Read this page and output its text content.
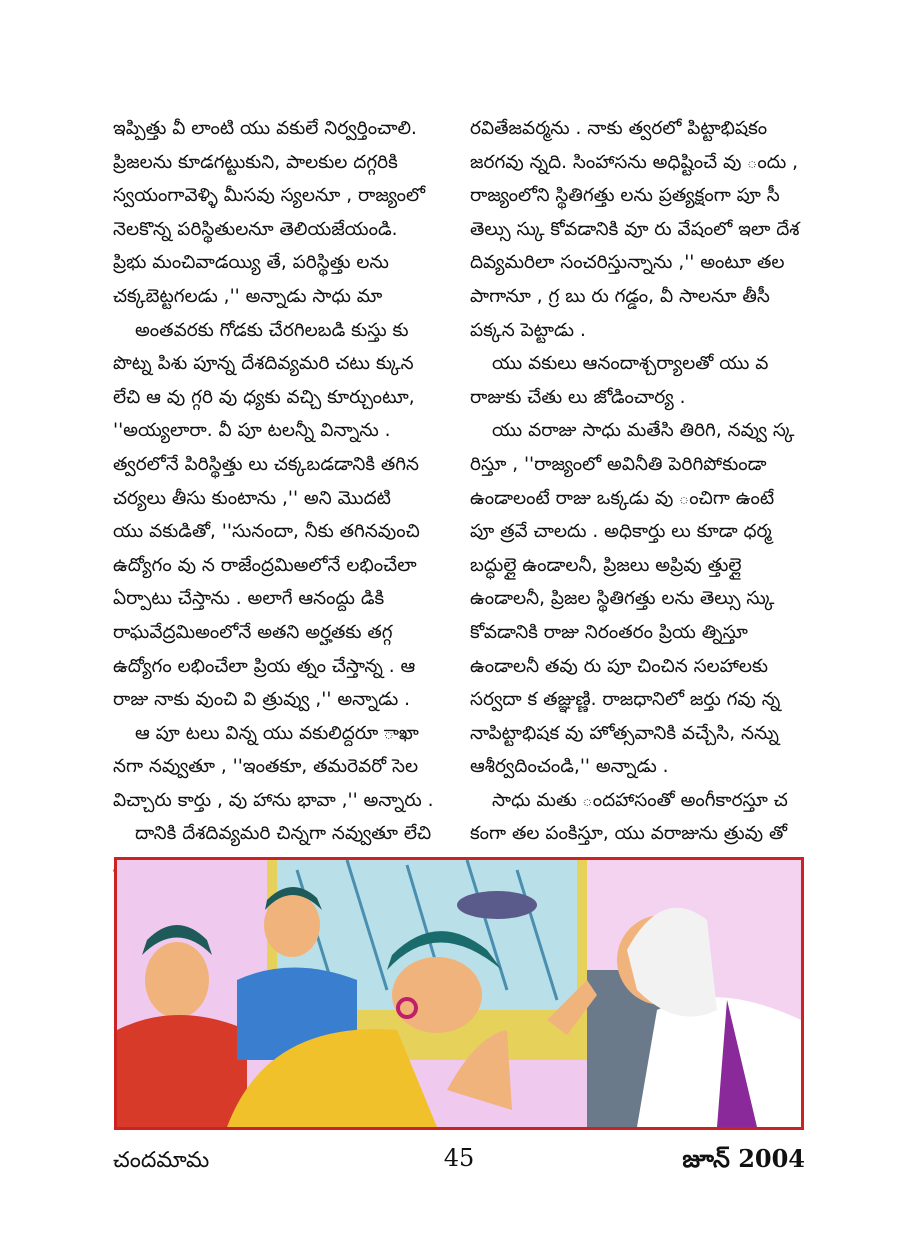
ఇప్పిత్తు వీ లాంటి యు వకులే నిర్వర్తించాలి.
ప్రిజలను కూడగట్టుకుని, పాలకుల దగ్గరికి
స్వయంగావెళ్ళి మీసవు స్యలనూ , రాజ్యంలో
నెలకొన్న పరిస్థితులనూ తెలియజేయండి.
ప్రిభు మంచివాడయ్యి తే, పరిస్థిత్తు లను
చక్కబెట్టగలడు ,'' అన్నాడు సాధు మా
అంతవరకు గోడకు చేరగిలబడి కుస్తు కు
పొట్న పిశు పూన్న దేశదివ్యమరి చటు క్కున
లేచి ఆ వు గ్గరి వు ధ్యకు వచ్చి కూర్చుంటూ,
''అయ్యలారా. వీ పూ టలన్నీ విన్నాను .
త్వరలోనే పిరిస్థిత్తు లు చక్కబడడానికి తగిన
చర్యలు తీసు కుంటాను ,'' అని మొదటి
యు వకుడితో, ''సునందా, నీకు తగినవుంచి
ఉద్యోగం వు న రాజేంద్రమిఅలోనే లభించేలా
ఏర్పాటు చేస్తాను . అలాగే ఆనంద్దు డికి
రాఘవేద్రమిఅంలోనే అతని అర్హతకు తగ్గ
ఉద్యోగం లభించేలా ప్రియ త్నం చేస్తాన్న . ఆ
రాజు నాకు వుంచి వి త్రువ్వు ,'' అన్నాడు .
ఆ పూ టలు విన్న యు వకులిద్దరూ ాఖా
నగా నవ్వుతూ , ''ఇంతకూ, తమరెవరో సెల
విచ్చారు కార్తు , వు హాను భావా ,'' అన్నారు .
దానికి దేశదివ్యమరి చిన్నగా నవ్వుతూ లేచి
రవితేజవర్మను . నాకు త్వరలో పిట్టాభిషకం
జరగవు న్నది. సింహాసను అధిష్టించే వు ందు ,
రాజ్యంలోని స్థితిగత్తు లను ప్రత్యక్షంగా పూ సీ
తెల్సు స్కు కోవడానికి వూ రు వేషంలో ఇలా దేశ
దివ్యమరిలా సంచరిస్తున్నాను ,'' అంటూ తల
పాగానూ , గ్ర బు రు గడ్డం, వీ సాలనూ తీసీ
పక్కన పెట్టాడు .
యు వకులు ఆనందాశ్చర్యాలతో యు వ
రాజుకు చేతు లు జోడించార్య .
యు వరాజు సాధు మతేసి తిరిగి, నవ్వు స్క
రిస్తూ , ''రాజ్యంలో అవినీతి పెరిగిపోకుండా
ఉండాలంటే రాజు ఒక్కడు వు ంచిగా ఉంటే
పూ త్రవే చాలదు . అధికార్తు లు కూడా ధర్మ
బద్ధుల్లై ఉండాలనీ, ప్రిజలు అప్రివు త్తుల్లై
ఉండాలనీ, ప్రిజల స్థితిగత్తు లను తెల్సు స్కు
కోవడానికి రాజు నిరంతరం ప్రియ త్నిస్తూ
ఉండాలనీ తవు రు పూ చించిన సలహాలకు
సర్వదా క తజ్ఞుణ్ణి. రాజధానిలో జర్తు గవు న్న
నాపిట్టాభిషక వు హోత్సవానికి వచ్చేసి, నన్ను
ఆశీర్వదించండి,'' అన్నాడు .
సాధు మతు ందహాసంతో అంగీకారస్తూ చ
కంగా తల పంకిస్తూ, యు వరాజును త్రువు తో
చందమామ	45	జూన్ 2004
